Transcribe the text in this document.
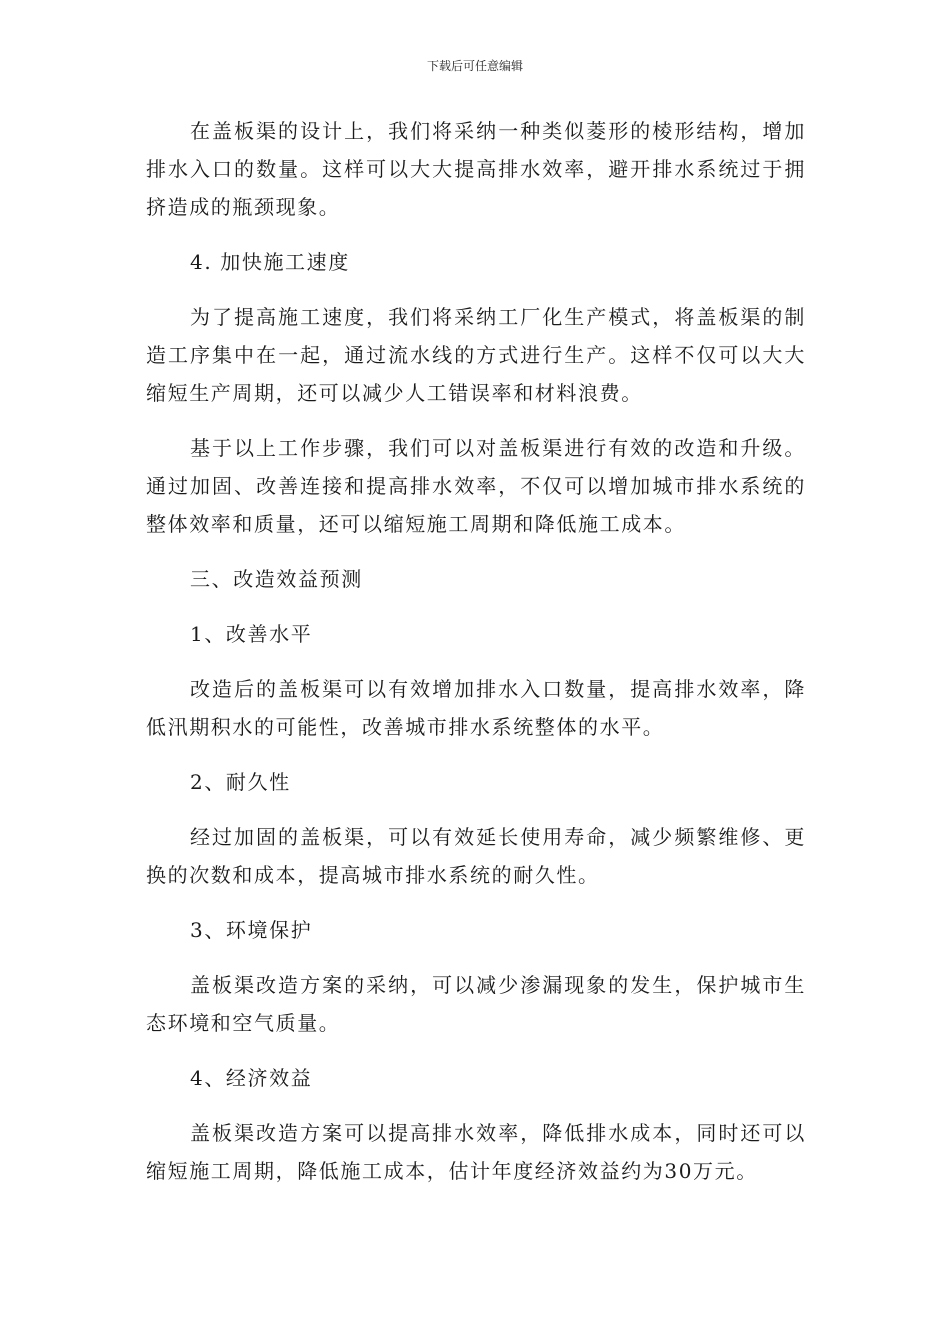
下载后可任意编辑

在盖板渠的设计上，我们将采纳一种类似菱形的棱形结构，增加排水入口的数量。这样可以大大提高排水效率，避开排水系统过于拥挤造成的瓶颈现象。

4. 加快施工速度

为了提高施工速度，我们将采纳工厂化生产模式，将盖板渠的制造工序集中在一起，通过流水线的方式进行生产。这样不仅可以大大缩短生产周期，还可以减少人工错误率和材料浪费。

基于以上工作步骤，我们可以对盖板渠进行有效的改造和升级。通过加固、改善连接和提高排水效率，不仅可以增加城市排水系统的整体效率和质量，还可以缩短施工周期和降低施工成本。

三、改造效益预测

1、改善水平

改造后的盖板渠可以有效增加排水入口数量，提高排水效率，降低汛期积水的可能性，改善城市排水系统整体的水平。

2、耐久性

经过加固的盖板渠，可以有效延长使用寿命，减少频繁维修、更换的次数和成本，提高城市排水系统的耐久性。

3、环境保护

盖板渠改造方案的采纳，可以减少渗漏现象的发生，保护城市生态环境和空气质量。

4、经济效益

盖板渠改造方案可以提高排水效率，降低排水成本，同时还可以缩短施工周期，降低施工成本，估计年度经济效益约为30万元。
